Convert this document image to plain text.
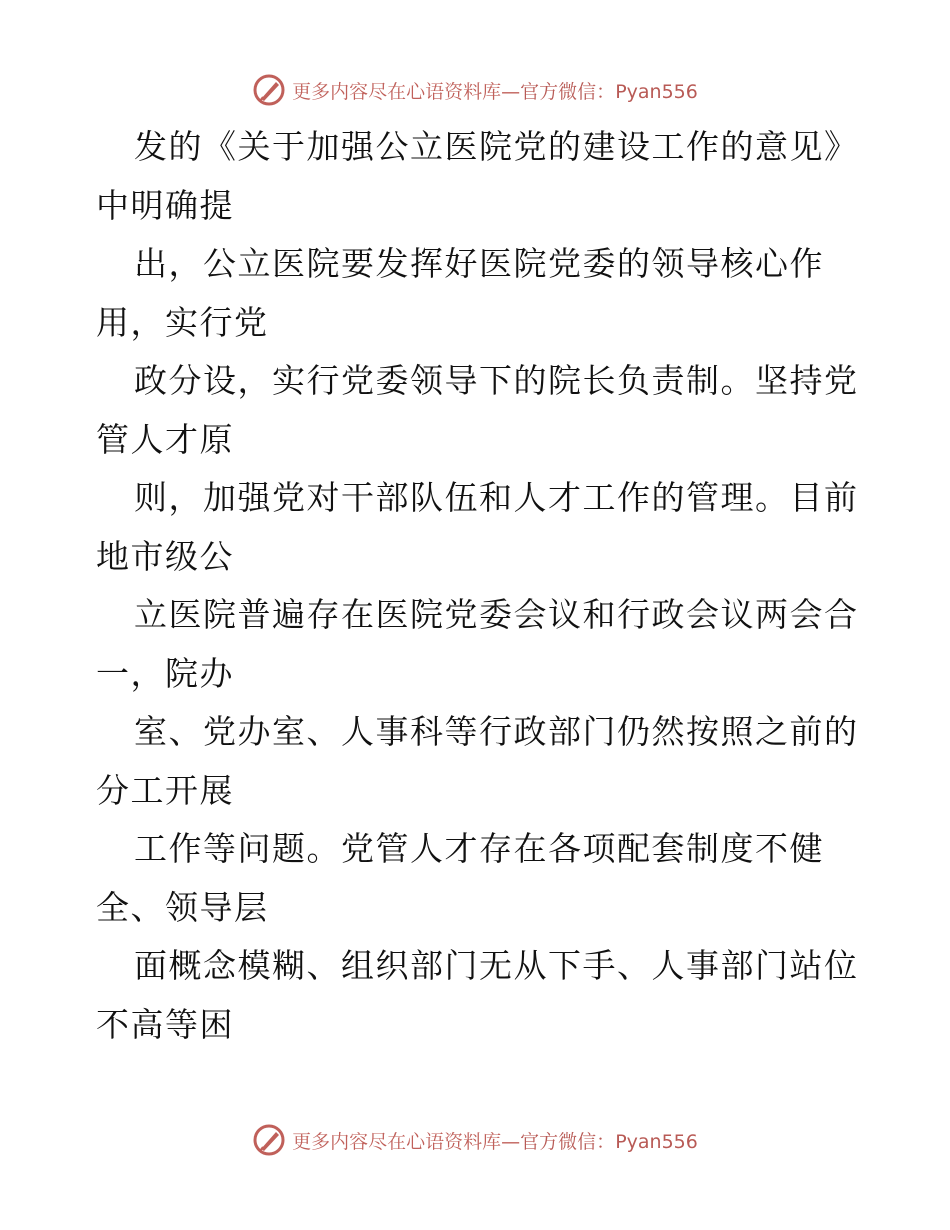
更多内容尽在心语资料库—官方微信：Pyan556
发的《关于加强公立医院党的建设工作的意见》
中明确提
出，公立医院要发挥好医院党委的领导核心作
用，实行党
政分设，实行党委领导下的院长负责制。坚持党
管人才原
则，加强党对干部队伍和人才工作的管理。目前
地市级公
立医院普遍存在医院党委会议和行政会议两会合
一，院办
室、党办室、人事科等行政部门仍然按照之前的
分工开展
工作等问题。党管人才存在各项配套制度不健
全、领导层
面概念模糊、组织部门无从下手、人事部门站位
不高等困
更多内容尽在心语资料库—官方微信：Pyan556
